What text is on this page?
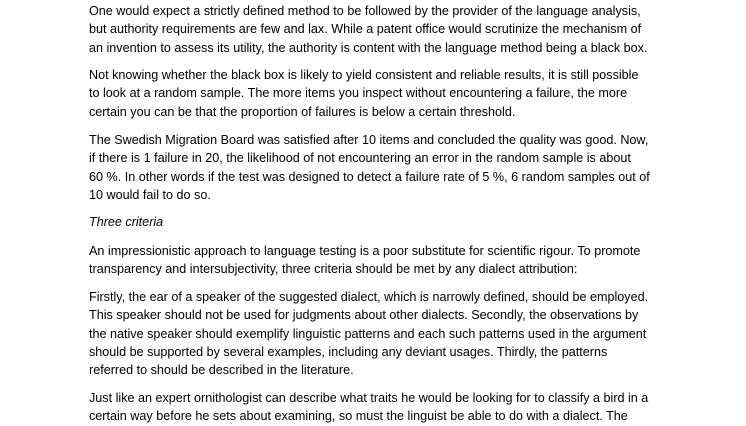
One would expect a strictly defined method to be followed by the provider of the language analysis,
but authority requirements are few and lax. While a patent office would scrutinize the mechanism of
an invention to assess its utility, the authority is content with the language method being a black box.

Not knowing whether the black box is likely to yield consistent and reliable results, it is still possible
to look at a random sample. The more items you inspect without encountering a failure, the more
certain you can be that the proportion of failures is below a certain threshold.

The Swedish Migration Board was satisfied after 10 items and concluded the quality was good. Now,
if there is 1 failure in 20, the likelihood of not encountering an error in the random sample is about
60 %. In other words if the test was designed to detect a failure rate of 5 %, 6 random samples out of
10 would fail to do so.

Three criteria

An impressionistic approach to language testing is a poor substitute for scientific rigour. To promote
transparency and intersubjectivity, three criteria should be met by any dialect attribution:

Firstly, the ear of a speaker of the suggested dialect, which is narrowly defined, should be employed.
This speaker should not be used for judgments about other dialects. Secondly, the observations by
the native speaker should exemplify linguistic patterns and each such patterns used in the argument
should be supported by several examples, including any deviant usages. Thirdly, the patterns
referred to should be described in the literature.

Just like an expert ornithologist can describe what traits he would be looking for to classify a bird in a
certain way before he sets about examining, so must the linguist be able to do with a dialect. The
